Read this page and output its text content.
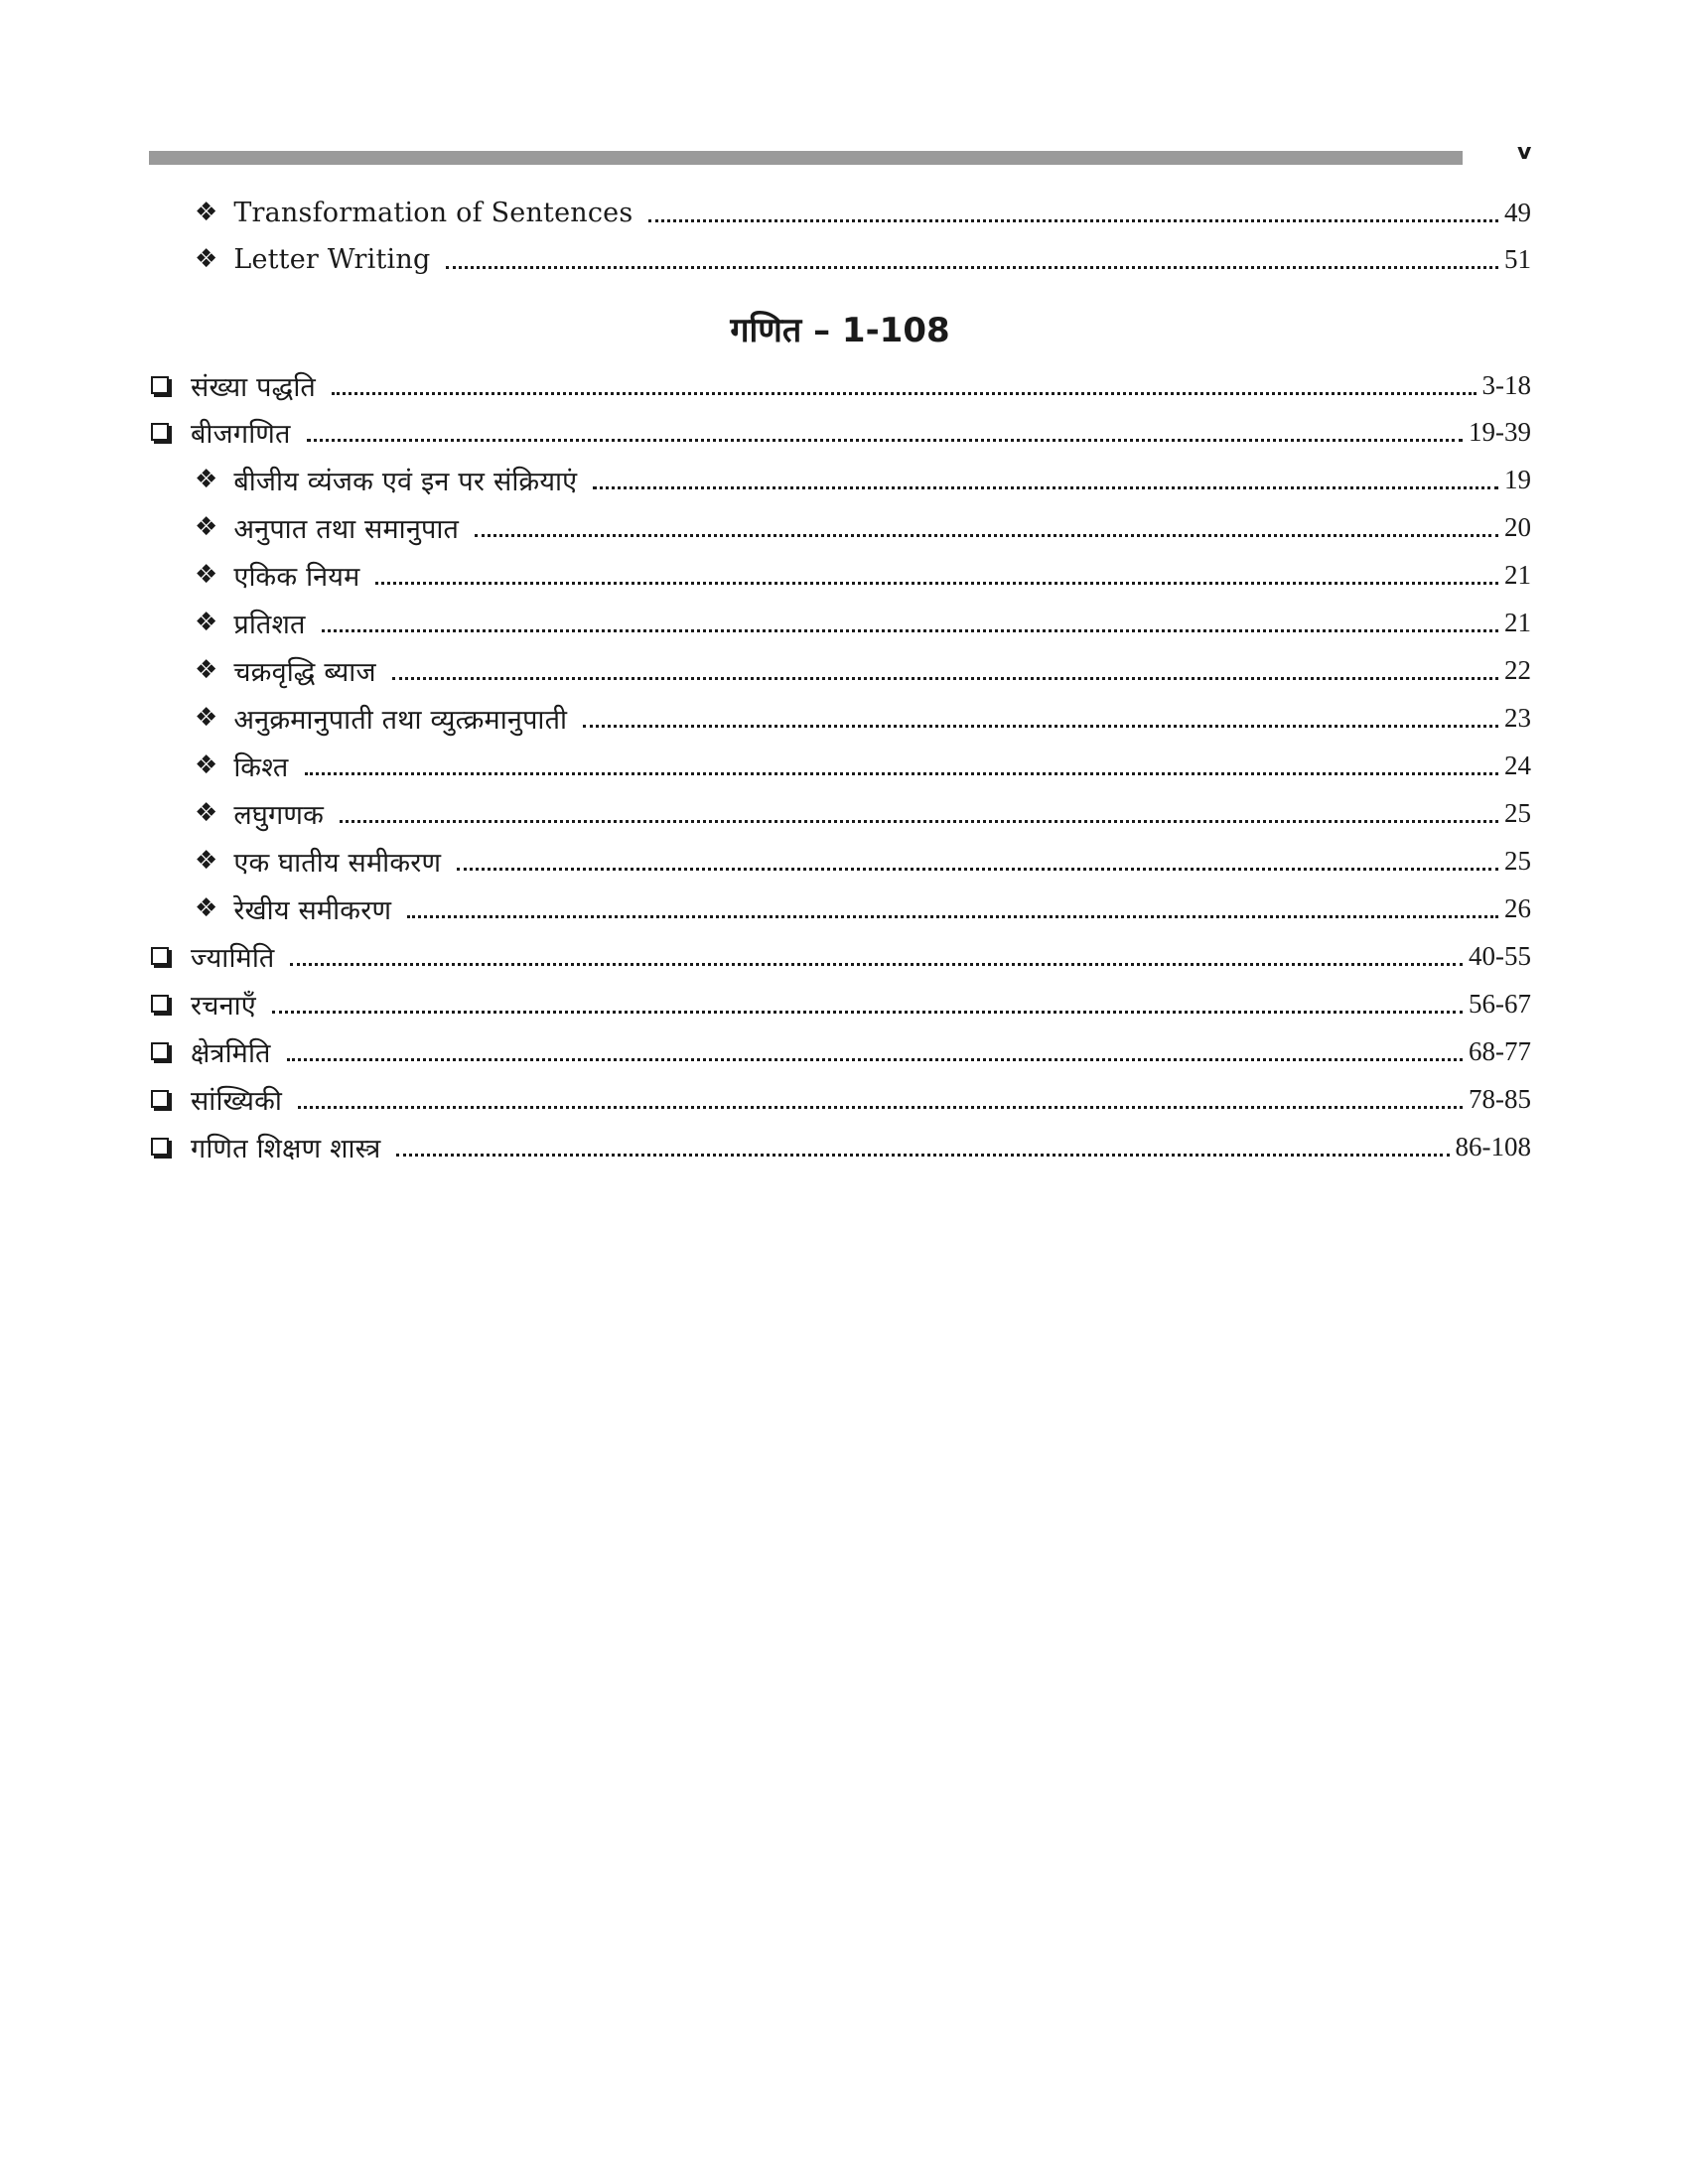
v
❖ Transformation of Sentences	49
❖ Letter Writing	51
गणित – 1-108
संख्या पद्धति	3-18
बीजगणित	19-39
❖ बीजीय व्यंजक एवं इन पर संक्रियाएं	19
❖ अनुपात तथा समानुपात	20
❖ एकिक नियम	21
❖ प्रतिशत	21
❖ चक्रवृद्धि ब्याज	22
❖ अनुक्रमानुपाती तथा व्युत्क्रमानुपाती	23
❖ किश्त	24
❖ लघुगणक	25
❖ एक घातीय समीकरण	25
❖ रेखीय समीकरण	26
ज्यामिति	40-55
रचनाएँ	56-67
क्षेत्रमिति	68-77
सांख्यिकी	78-85
गणित शिक्षण शास्त्र	86-108
